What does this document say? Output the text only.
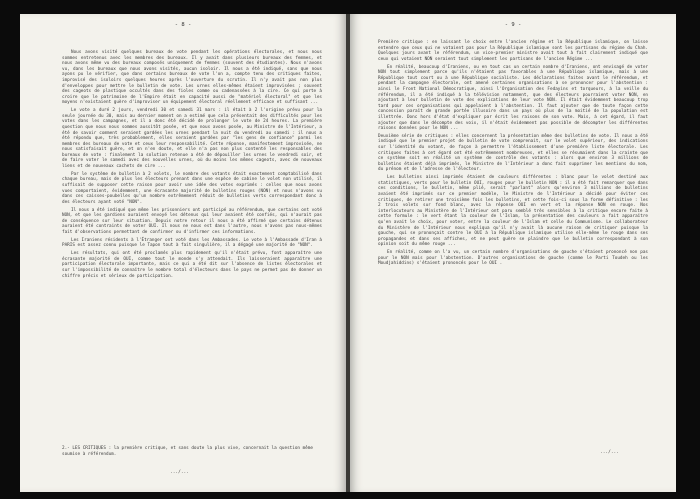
- 8 -

Nous avons visité quelques bureaux de vote pendant les opérations électorales, et nous nous sommes entretenus avec les membres des bureaux. Il y avait dans plusieurs bureaux des femmes, et nous avons même vu des bureaux composés uniquement de femmes (souvent des étudiantes). Nous n'avons vu, dans les bureaux que nous avons visités, aucun isoloir. Il nous a été indiqué, sans que nous ayons pu le vérifier, que dans certains bureaux de vote l'on a, compte tenu des critiques faites, improvisé des isoloirs quelques heures après l'ouverture du scrutin. Il n'y avait pas non plus d'enveloppes pour mettre le bulletin de vote. Les urnes elles-mêmes étaient improvisées ; souvent des cageots de plastique occultés dans des fioles comme ou cadenassées à la cire. Ce qui porte à croire que le patrimoine de l'Empire était en capacité aussi de "matériel électoral" et que les moyens n'existaient guère d'improviser un équipement électoral réellement efficace et suffisant ...

Le vote a duré 2 jours, vendredi 30 et samedi 31 mars : il était à 2 l'origine prévu pour la seule journée du 30, mais au dernier moment on a estimé que cela présentait des difficultés pour les votes dans les campagnes, et il a donc été décidé de prolonger le vote de 24 heures. La première question que nous nous sommes aussitôt posée, et que nous avons posée, au Ministre de l'Intérieur, a été de savoir comment seraient gardées les urnes pendant la nuit du vendredi au samedi : il nous a été répondu que, très probablement, elles seraient gardées par "les gens de confiance" parmi les membres des bureaux de vote et ceux leur responsabilité. Cette réponse, manifestement improvisée, ne nous satisfaisait guère, et on n'en doute, et elle n'a pas non plus contenté les responsables des bureaux de vote : finalement la solution retenue a été de dépouiller les urnes le vendredi soir, et de faire voter le samedi avec des nouvelles urnes, où du moins les mêmes cageots, avec de nouveaux liens et de nouveaux cachets de cire ...

Par le système de bulletin à 2 volets, le nombre des votants était exactement comptabilisé dans chaque bureau, mais de plus les électeurs prenant dans une espèce de cabine le volet non utilisé, il suffisait de supposer cette raison pour avoir une idée des votes exprimés : celles que nous avons vues comportaient, évidemment, une écrasante majorité de bulletins rouges (NON) et nous n'avons vu dans ces caisses-poubelles qu'un nombre extrêmement réduit de bulletins verts correspondant donc à des électeurs ayant voté "NON".

Il nous a été indiqué que même les prisonniers ont participé au référendum, que certains ont voté NON, et que les gardiens auraient envoyé les détenus qui leur avaient été confiés, qui n'aurait pas de conséquence sur leur situation. Depuis notre retour il nous a été affirmé que certains détenus auraient été contraints de voter OUI. Il nous ne nous est dans l'autre, nous n'avons pas nous-mêmes fait d'observations permettant de confirmer ou d'infirmer ces informations.

Les Iraniens résidents à l'Étranger ont voté dans les Ambassades. Le vote à l'Ambassade d'Iran à PARIS est assez connu puisque le Tapon tout à fait singulière, il a dégagé une majorité de "NON".

Les résultats, qui ont été proclamés plus rapidement qu'il n'était prévu, font apparaître une écrasante majorité de OUI, comme tout le monde s'y attendait. Ils laisseraient apparaître une participation électorale importante, mais ce qui a été dit sur l'absence de listes électorales et sur l'impossibilité de connaître le nombre total d'électeurs dans le pays ne permet pas de donner un chiffre précis et sérieux de participation.

2.- LES CRITIQUES : la première critique, et sans doute la plus vive, concernait la question même soumise à référendum.
.../...
- 9 -

Première critique : en laissant le choix entre l'ancien régime et la République islamique, on laisse entendre que ceux qui ne votaient pas pour la République islamique sont les partisans du régime du Chah. Quelques jours avant le référendum, un vice-premier ministre avait tout à fait clairement indiqué que ceux qui votaient NON seraient tout simplement les partisans de l'ancien Régime ...

En réalité, beaucoup d'Iraniens, ou en tout cas un certain nombre d'Iraniens, ont envisagé de voter NON tout simplement parce qu'ils n'étaient pas favorables à une République islamique, mais à une République tout court ou à une République socialiste. Les déclarations faites avant le référendum, et pendant la campagne électorale, ont amené certaines organisations à se prononcer pour l'abstention : ainsi le Front National Démocratique, ainsi l'Organisation des Fedayins et torqueurs, à la veille du référendum, il a été indiqué à la télévision notamment, que des électeurs pourraient voter NON, en ajoutant à leur bulletin de vote des explications de leur vote NON. Il était évidemment beaucoup trop tard pour ces organisations qui appelaient à l'abstention. Il faut ajouter que de toute façon cette concession paraît de grande portée illusoire dans un pays où plus de la moitié de la population est illettrée. Donc hors d'état d'expliquer par écrit les raisons de son vote. Mais, à cet égard, il faut ajouter que dans le décompte des voix, il n'était évidemment pas possible de décompter les différentes raisons données pour le NON ...

Deuxième série de critiques : elles concernent la présentation même des bulletins de vote. Il nous a été indiqué que le premier projet de bulletin de vote comprenait, sur le volet supérieur, des indications sur l'identité du votant, de façon à permettre l'établissement d'une première liste électorale. Les critiques faites à cet égard ont été extrêmement nombreuses, et elles se résumaient dans la crainte que ce système soit en réalité un système de contrôle des votants : alors que environ 3 millions de bulletins étaient déjà imprimés, le Ministre de l'Intérieur a donc fait supprimer les mentions du nom, du prénom et de l'adresse de l'électeur.

Les bulletins ainsi imprimés étaient de couleurs différentes : blanc pour le volet destiné aux statistiques, verts pour le bulletin OUI, rouges pour le bulletin NON : il a été fait remarquer que dans ces conditions, le bulletin, même plié, serait "parlant" alors qu'environ 3 millions de bulletins avaient été imprimés sur ce premier modèle, le Ministre de l'Intérieur a décidé pour éviter ces critiques, de retirer une troisième fois les bulletins, et cette fois-ci sous la forme définitive : les 2 trois volets sur fond blanc, avec la réponse OUI en vert et la réponse NON en rouge. Nos interlocuteurs au Ministère de l'Intérieur ont paru semblé très sensibles à la critique encore faite à cette formule : le vert étant la couleur de l'Islam, la présentation des couleurs a fait apparaître qu'en avait le choix, pour voter, entre la couleur de l'Islam et celle du Communisme. Le collaborateur du Ministère de l'Intérieur nous expliqua qu'il n'y avait là aucune raison de critiquer puisque la gauche, qui se prononçait contre le OUI à la République islamique utilise elle-même le rouge dans ses propagandes et dans ses affiches, et ne peut guère se plaindre que le bulletin correspondant à son opinion soit du même rouge ...

En réalité, comme on l'a vu, un certain nombre d'organisations de gauche s'étaient prononcé non pas pour le NON mais pour l'abstention. D'autres organisations de gauche (comme le Parti Toudeh ou les Moudjahiddins) s'étaient prononcés pour le OUI .

.../...
